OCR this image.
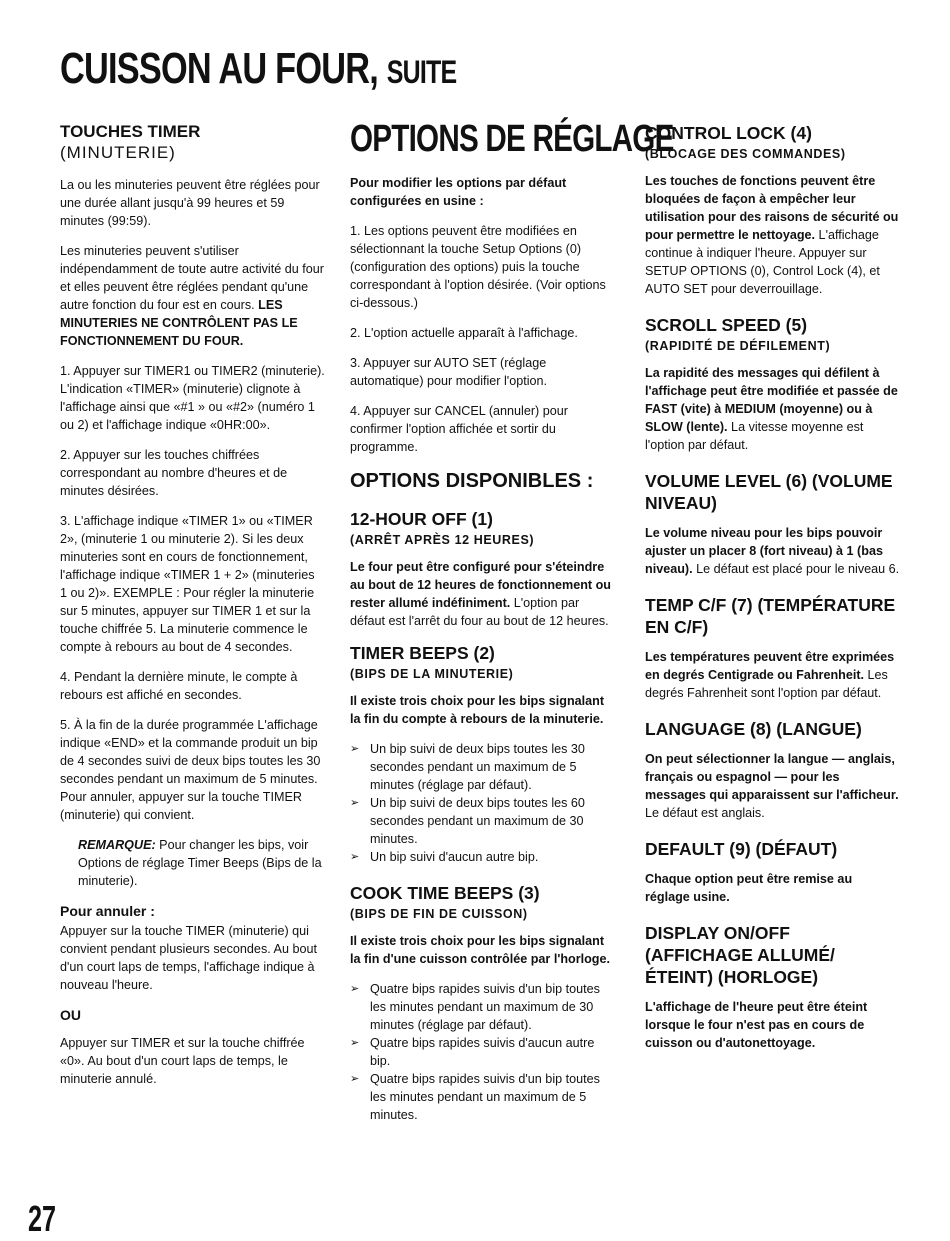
CUISSON AU FOUR, SUITE
TOUCHES TIMER
(MINUTERIE)

La ou les minuteries peuvent être réglées pour une durée allant jusqu'à 99 heures et 59 minutes (99:59).

Les minuteries peuvent s'utiliser indépendamment de toute autre activité du four et elles peuvent être réglées pendant qu'une autre fonction du four est en cours. LES MINUTERIES NE CONTRÔLENT PAS LE FONCTIONNEMENT DU FOUR.

1. Appuyer sur TIMER1 ou TIMER2 (minuterie). L'indication «TIMER» (minuterie) clignote à l'affichage ainsi que «#1 » ou «#2» (numéro 1 ou 2) et l'affichage indique «0HR:00».

2. Appuyer sur les touches chiffrées correspondant au nombre d'heures et de minutes désirées.

3. L'affichage indique «TIMER 1» ou «TIMER 2», (minuterie 1 ou minuterie 2). Si les deux minuteries sont en cours de fonctionnement, l'affichage indique «TIMER 1 + 2» (minuteries 1 ou 2)». EXEMPLE : Pour régler la minuterie sur 5 minutes, appuyer sur TIMER 1 et sur la touche chiffrée 5. La minuterie commence le compte à rebours au bout de 4 secondes.

4. Pendant la dernière minute, le compte à rebours est affiché en secondes.

5. À la fin de la durée programmée L'affichage indique «END» et la commande produit un bip de 4 secondes suivi de deux bips toutes les 30 secondes pendant un maximum de 5 minutes. Pour annuler, appuyer sur la touche TIMER (minuterie) qui convient.

REMARQUE: Pour changer les bips, voir Options de réglage Timer Beeps (Bips de la minuterie).

Pour annuler :

Appuyer sur la touche TIMER (minuterie) qui convient pendant plusieurs secondes. Au bout d'un court laps de temps, l'affichage indique à nouveau l'heure.

OU

Appuyer sur TIMER et sur la touche chiffrée «0». Au bout d'un court laps de temps, le minuterie annulé.

OPTIONS DE RÉGLAGE

Pour modifier les options par défaut configurées en usine :

1. Les options peuvent être modifiées en sélectionnant la touche Setup Options (0) (configuration des options) puis la touche correspondant à l'option désirée. (Voir options ci-dessous.)

2. L'option actuelle apparaît à l'affichage.

3. Appuyer sur AUTO SET (réglage automatique) pour modifier l'option.

4. Appuyer sur CANCEL (annuler) pour confirmer l'option affichée et sortir du programme.

OPTIONS DISPONIBLES :
12-HOUR OFF (1)
(ARRÊT APRÈS 12 HEURES)

Le four peut être configuré pour s'éteindre au bout de 12 heures de fonctionnement ou rester allumé indéfiniment. L'option par défaut est l'arrêt du four au bout de 12 heures.

TIMER BEEPS (2)
(BIPS DE LA MINUTERIE)

Il existe trois choix pour les bips signalant la fin du compte à rebours de la minuterie.

➢ Un bip suivi de deux bips toutes les 30 secondes pendant un maximum de 5 minutes (réglage par défaut).
➢ Un bip suivi de deux bips toutes les 60 secondes pendant un maximum de 30 minutes.
➢ Un bip suivi d'aucun autre bip.
COOK TIME BEEPS (3)
(BIPS DE FIN DE CUISSON)

Il existe trois choix pour les bips signalant la fin d'une cuisson contrôlée par l'horloge.

➢ Quatre bips rapides suivis d'un bip toutes les minutes pendant un maximum de 30 minutes (réglage par défaut).
➢ Quatre bips rapides suivis d'aucun autre bip.
➢ Quatre bips rapides suivis d'un bip toutes les minutes pendant un maximum de 5 minutes.
CONTROL LOCK (4)
(BLOCAGE DES COMMANDES)

Les touches de fonctions peuvent être bloquées de façon à empêcher leur utilisation pour des raisons de sécurité ou pour permettre le nettoyage. L'affichage continue à indiquer l'heure. Appuyer sur SETUP OPTIONS (0), Control Lock (4), et AUTO SET pour deverrouillage.

SCROLL SPEED (5)
(RAPIDITÉ DE DÉFILEMENT)

La rapidité des messages qui défilent à l'affichage peut être modifiée et passée de FAST (vite) à MEDIUM (moyenne) ou à SLOW (lente). La vitesse moyenne est l'option par défaut.

VOLUME LEVEL (6) (VOLUME NIVEAU)

Le volume niveau pour les bips pouvoir ajuster un placer 8 (fort niveau) à 1 (bas niveau). Le défaut est placé pour le niveau 6.

TEMP C/F (7) (TEMPÉRATURE EN C/F)

Les températures peuvent être exprimées en degrés Centigrade ou Fahrenheit. Les degrés Fahrenheit sont l'option par défaut.

LANGUAGE (8) (LANGUE)

On peut sélectionner la langue — anglais, français ou espagnol — pour les messages qui apparaissent sur l'afficheur. Le défaut est anglais.

DEFAULT (9) (DÉFAUT)

Chaque option peut être remise au réglage usine.

DISPLAY ON/OFF (AFFICHAGE ALLUMÉ/ÉTEINT) (HORLOGE)

L'affichage de l'heure peut être éteint lorsque le four n'est pas en cours de cuisson ou d'autonettoyage.

27
